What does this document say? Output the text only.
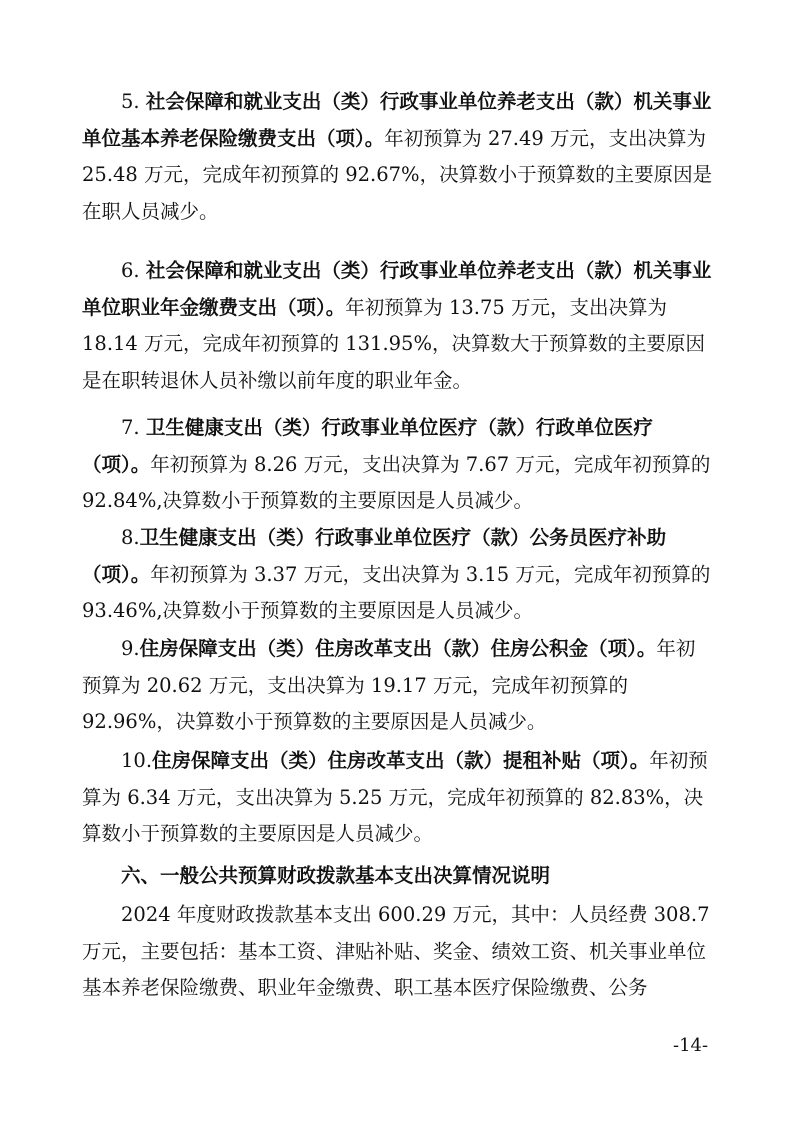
5. 社会保障和就业支出（类）行政事业单位养老支出（款）机关事业单位基本养老保险缴费支出（项）。年初预算为 27.49 万元，支出决算为 25.48 万元，完成年初预算的 92.67%，决算数小于预算数的主要原因是在职人员减少。

6. 社会保障和就业支出（类）行政事业单位养老支出（款）机关事业单位职业年金缴费支出（项）。年初预算为 13.75 万元，支出决算为 18.14 万元，完成年初预算的 131.95%，决算数大于预算数的主要原因是在职转退休人员补缴以前年度的职业年金。

7. 卫生健康支出（类）行政事业单位医疗（款）行政单位医疗（项）。年初预算为 8.26 万元，支出决算为 7.67 万元，完成年初预算的 92.84%,决算数小于预算数的主要原因是人员减少。

8.卫生健康支出（类）行政事业单位医疗（款）公务员医疗补助（项）。年初预算为 3.37 万元，支出决算为 3.15 万元，完成年初预算的 93.46%,决算数小于预算数的主要原因是人员减少。

9.住房保障支出（类）住房改革支出（款）住房公积金（项）。年初预算为 20.62 万元，支出决算为 19.17 万元，完成年初预算的 92.96%，决算数小于预算数的主要原因是人员减少。

10.住房保障支出（类）住房改革支出（款）提租补贴（项）。年初预算为 6.34 万元，支出决算为 5.25 万元，完成年初预算的 82.83%，决算数小于预算数的主要原因是人员减少。

六、一般公共预算财政拨款基本支出决算情况说明

2024 年度财政拨款基本支出 600.29 万元，其中：人员经费 308.7 万元，主要包括：基本工资、津贴补贴、奖金、绩效工资、机关事业单位基本养老保险缴费、职业年金缴费、职工基本医疗保险缴费、公务

-14-
